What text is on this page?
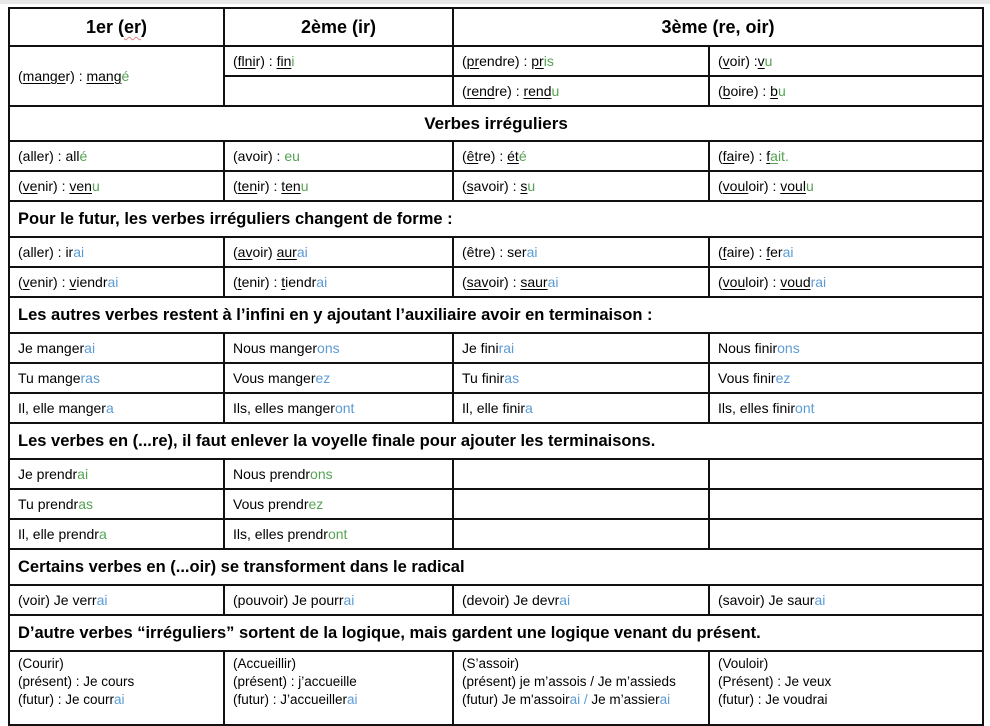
1er (er)	2ème (ir)	3ème (re, oir)	

(manger) : mangé	(flnir) : fini	(prendre) : pris	(voir) :vu

		(rendre) : rendu	(boire) : bu

Verbes irréguliers			

(aller) : allé	(avoir) : eu	(être) : été	(faire) : fait.

(venir) : venu	(tenir) : tenu	(savoir) : su	(vouloir) : voulu

Pour le futur, les verbes irréguliers changent de forme :			

(aller) : irai	(avoir) aurai	(être) : serai	(faire) : ferai

(venir) : viendrai	(tenir) : tiendrai	(savoir) : saurai	(vouloir) : voudrai

Les autres verbes restent à l’infini en y ajoutant l’auxiliaire avoir en terminaison :			

Je mangerai	Nous mangerons	Je finirai	Nous finirons

Tu mangeras	Vous mangerez	Tu finiras	Vous finirez

Il, elle mangera	Ils, elles mangeront	Il, elle finira	Ils, elles finiront

Les verbes en (...re), il faut enlever la voyelle finale pour ajouter les terminaisons.			

Je prendrai	Nous prendrons		

Tu prendras	Vous prendrez		

Il, elle prendra	Ils, elles prendront		

Certains verbes en (...oir) se transforment dans le radical			

(voir) Je verrai	(pouvoir) Je pourrai	(devoir) Je devrai	(savoir) Je saurai

D’autre verbes “irréguliers” sortent de la logique, mais gardent une logique venant du présent.			

(Courir)
(présent) : Je cours
(futur) : Je courrai

(Accueillir)
(présent) : j’accueille
(futur) : J’accueillerai

(S’assoir)
(présent) je m’assois / Je m’assieds
(futur) Je m'assoirai / Je m’assierai

(Vouloir)
(Présent) : Je veux
(futur) : Je voudrai
